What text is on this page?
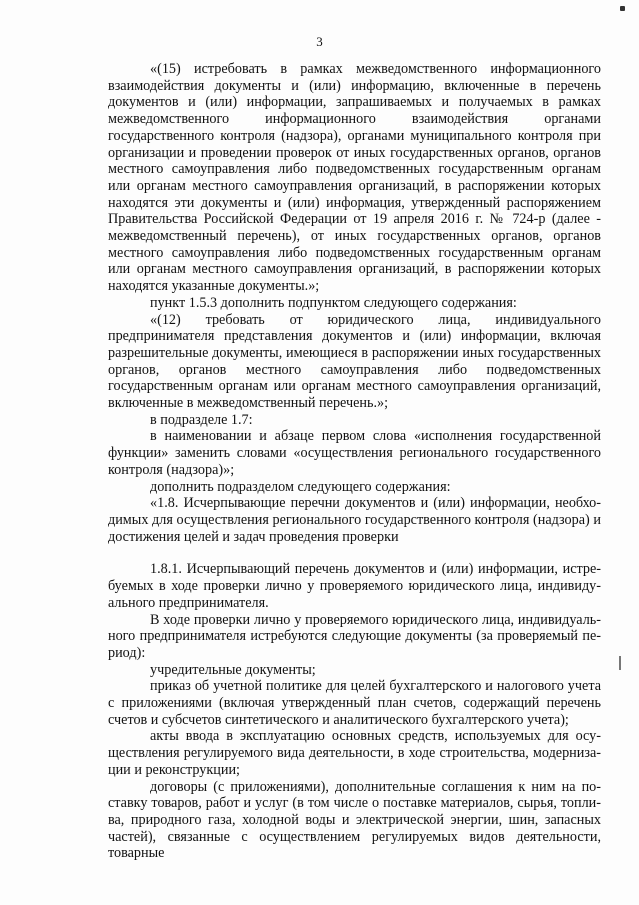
3

«(15) истребовать в рамках межведомственного информационного взаимодействия документы и (или) информацию, включенные в перечень документов и (или) информации, запрашиваемых и получаемых в рамках межведомственного информационного взаимодействия органами государственного контроля (надзора), органами муниципального контроля при организации и проведении проверок от иных государственных органов, органов местного самоуправления либо подведомственных государственным органам или органам местного самоуправления организаций, в распоряжении которых находятся эти документы и (или) информация, утвержденный распоряжением Правительства Российской Федерации от 19 апреля 2016 г. № 724-р (далее - межведомственный перечень), от иных государственных органов, органов местного самоуправления либо подведомственных государственным органам или органам местного самоуправления организаций, в распоряжении которых находятся указанные документы.»;

пункт 1.5.3 дополнить подпунктом следующего содержания:

«(12) требовать от юридического лица, индивидуального предпринимателя представления документов и (или) информации, включая разрешительные документы, имеющиеся в распоряжении иных государственных органов, органов местного самоуправления либо подведомственных государственным органам или органам местного самоуправления организаций, включенные в межведомственный перечень.»;

в подразделе 1.7:

в наименовании и абзаце первом слова «исполнения государственной функции» заменить словами «осуществления регионального государственного контроля (надзора)»;

дополнить подразделом следующего содержания:

«1.8. Исчерпывающие перечни документов и (или) информации, необходимых для осуществления регионального государственного контроля (надзора) и достижения целей и задач проведения проверки

1.8.1. Исчерпывающий перечень документов и (или) информации, истребуемых в ходе проверки лично у проверяемого юридического лица, индивидуального предпринимателя.

В ходе проверки лично у проверяемого юридического лица, индивидуального предпринимателя истребуются следующие документы (за проверяемый период):

учредительные документы;

приказ об учетной политике для целей бухгалтерского и налогового учета с приложениями (включая утвержденный план счетов, содержащий перечень счетов и субсчетов синтетического и аналитического бухгалтерского учета);

акты ввода в эксплуатацию основных средств, используемых для осуществления регулируемого вида деятельности, в ходе строительства, модернизации и реконструкции;

договоры (с приложениями), дополнительные соглашения к ним на поставку товаров, работ и услуг (в том числе о поставке материалов, сырья, топлива, природного газа, холодной воды и электрической энергии, шин, запасных частей), связанные с осуществлением регулируемых видов деятельности, товарные
